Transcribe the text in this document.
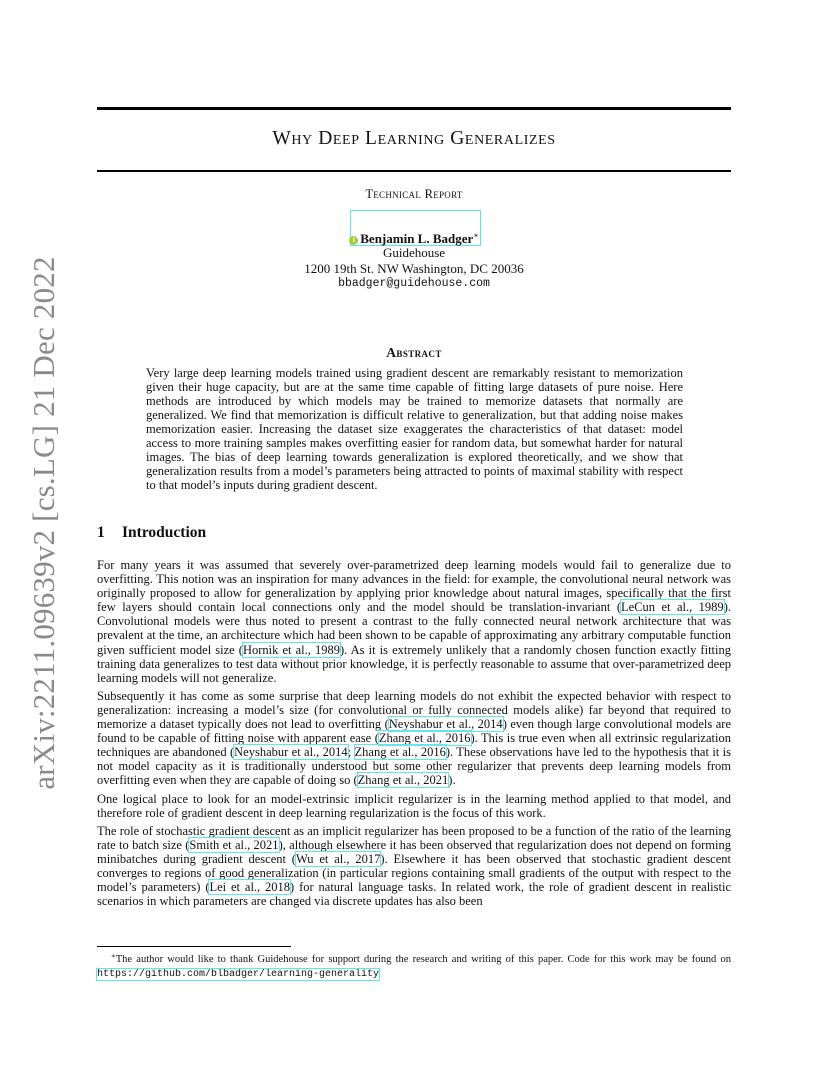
arXiv:2211.09639v2 [cs.LG] 21 Dec 2022
Why Deep Learning Generalizes
Technical Report
i Benjamin L. Badger∗
Guidehouse
1200 19th St. NW Washington, DC 20036
bbadger@guidehouse.com
Abstract

Very large deep learning models trained using gradient descent are remarkably resistant to memorization given their huge capacity, but are at the same time capable of fitting large datasets of pure noise. Here methods are introduced by which models may be trained to memorize datasets that normally are generalized. We find that memorization is difficult relative to generalization, but that adding noise makes memorization easier. Increasing the dataset size exaggerates the characteristics of that dataset: model access to more training samples makes overfitting easier for random data, but somewhat harder for natural images. The bias of deep learning towards generalization is explored theoretically, and we show that generalization results from a model’s parameters being attracted to points of maximal stability with respect to that model’s inputs during gradient descent.

1 Introduction

For many years it was assumed that severely over-parametrized deep learning models would fail to generalize due to overfitting. This notion was an inspiration for many advances in the field: for example, the convolutional neural network was originally proposed to allow for generalization by applying prior knowledge about natural images, specifically that the first few layers should contain local connections only and the model should be translation-invariant (LeCun et al., 1989). Convolutional models were thus noted to present a contrast to the fully connected neural network architecture that was prevalent at the time, an architecture which had been shown to be capable of approximating any arbitrary computable function given sufficient model size (Hornik et al., 1989). As it is extremely unlikely that a randomly chosen function exactly fitting training data generalizes to test data without prior knowledge, it is perfectly reasonable to assume that over-parametrized deep learning models will not generalize.

Subsequently it has come as some surprise that deep learning models do not exhibit the expected behavior with respect to generalization: increasing a model’s size (for convolutional or fully connected models alike) far beyond that required to memorize a dataset typically does not lead to overfitting (Neyshabur et al., 2014) even though large convolutional models are found to be capable of fitting noise with apparent ease (Zhang et al., 2016). This is true even when all extrinsic regularization techniques are abandoned (Neyshabur et al., 2014; Zhang et al., 2016). These observations have led to the hypothesis that it is not model capacity as it is traditionally understood but some other regularizer that prevents deep learning models from overfitting even when they are capable of doing so (Zhang et al., 2021).

One logical place to look for an model-extrinsic implicit regularizer is in the learning method applied to that model, and therefore role of gradient descent in deep learning regularization is the focus of this work.

The role of stochastic gradient descent as an implicit regularizer has been proposed to be a function of the ratio of the learning rate to batch size (Smith et al., 2021), although elsewhere it has been observed that regularization does not depend on forming minibatches during gradient descent (Wu et al., 2017). Elsewhere it has been observed that stochastic gradient descent converges to regions of good generalization (in particular regions containing small gradients of the output with respect to the model’s parameters) (Lei et al., 2018) for natural language tasks. In related work, the role of gradient descent in realistic scenarios in which parameters are changed via discrete updates has also been

∗The author would like to thank Guidehouse for support during the research and writing of this paper. Code for this work may be found on https://github.com/blbadger/learning-generality
